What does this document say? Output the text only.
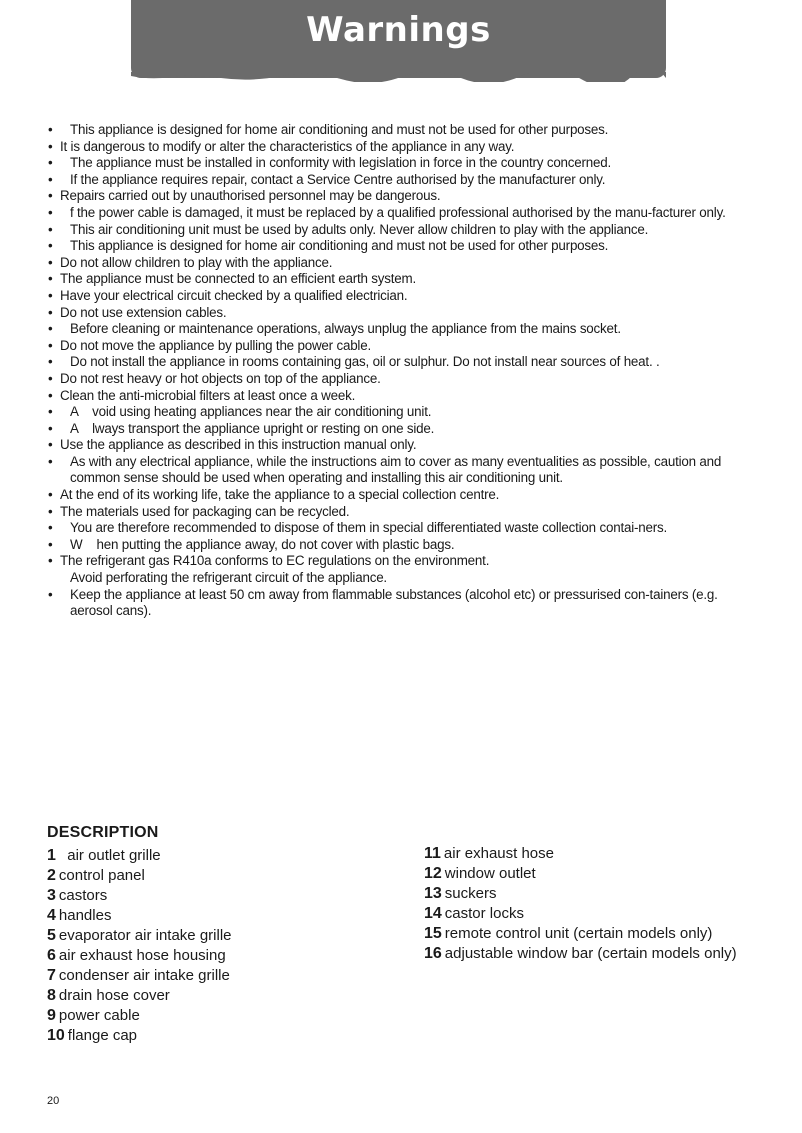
Warnings
• This appliance is designed for home air conditioning and must not be used for other purposes.
• It is dangerous to modify or alter the characteristics of the appliance in any way.
• The appliance must be installed in conformity with legislation in force in the country concerned.
• If the appliance requires repair, contact a Service Centre authorised by the manufacturer only.
• Repairs carried out by unauthorised personnel may be dangerous.
• f the power cable is damaged, it must be replaced by a qualified professional authorised by the manu-facturer only.
• This air conditioning unit must be used by adults only. Never allow children to play with the appliance.
• This appliance is designed for home air conditioning and must not be used for other purposes.
• Do not allow children to play with the appliance.
• The appliance must be connected to an efficient earth system.
• Have your electrical circuit checked by a qualified electrician.
• Do not use extension cables.
• Before cleaning or maintenance operations, always unplug the appliance from the mains socket.
• Do not move the appliance by pulling the power cable.
• Do not install the appliance in rooms containing gas, oil or sulphur. Do not install near sources of heat. .
• Do not rest heavy or hot objects on top of the appliance.
• Clean the anti-microbial filters at least once a week.
• A    void using heating appliances near the air conditioning unit.
• A    lways transport the appliance upright or resting on one side.
• Use the appliance as described in this instruction manual only.
• As with any electrical appliance, while the instructions aim to cover as many eventualities as possible, caution and common sense should be used when operating and installing this air conditioning unit.
• At the end of its working life, take the appliance to a special collection centre.
• The materials used for packaging can be recycled.
• You are therefore recommended to dispose of them in special differentiated waste collection contai-ners.
• W    hen putting the appliance away, do not cover with plastic bags.
• The refrigerant gas R410a conforms to EC regulations on the environment.
Avoid perforating the refrigerant circuit of the appliance.
• Keep the appliance at least 50 cm away from flammable substances (alcohol etc) or pressurised con-tainers (e.g. aerosol cans).
DESCRIPTION
1  air outlet grille
2 control panel
3 castors
4 handles
5 evaporator air intake grille
6 air exhaust hose housing
7 condenser air intake grille
8 drain hose cover
9 power cable
10 flange cap
11 air exhaust hose
12 window outlet
13 suckers
14 castor locks
15 remote control unit (certain models only)
16 adjustable window bar (certain models only)
20
